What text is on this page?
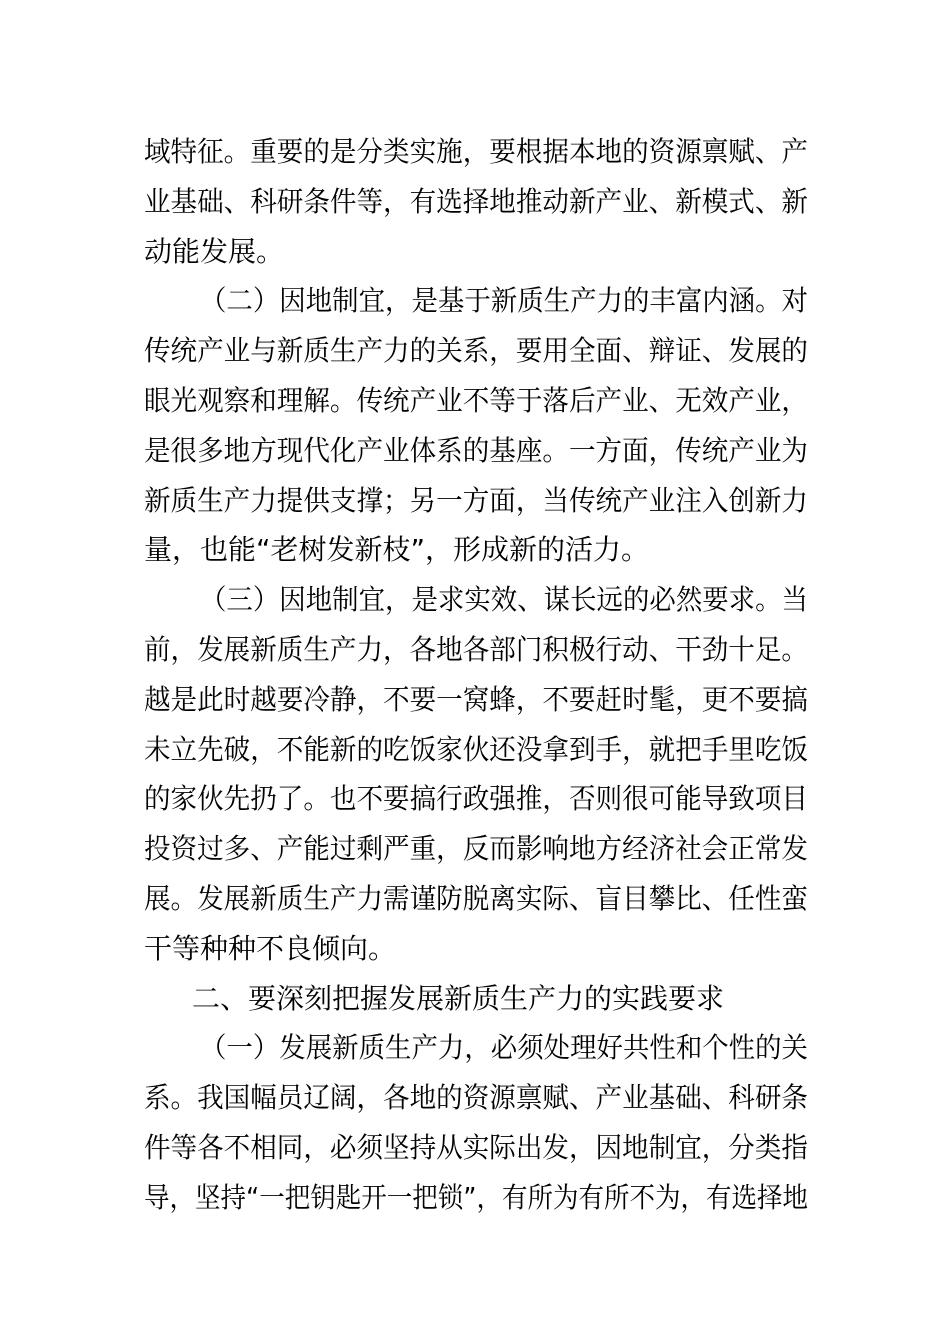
域特征。重要的是分类实施，要根据本地的资源禀赋、产
业基础、科研条件等，有选择地推动新产业、新模式、新
动能发展。
（二）因地制宜，是基于新质生产力的丰富内涵。对
传统产业与新质生产力的关系，要用全面、辩证、发展的
眼光观察和理解。传统产业不等于落后产业、无效产业，
是很多地方现代化产业体系的基座。一方面，传统产业为
新质生产力提供支撑；另一方面，当传统产业注入创新力
量，也能“老树发新枝”，形成新的活力。
（三）因地制宜，是求实效、谋长远的必然要求。当
前，发展新质生产力，各地各部门积极行动、干劲十足。
越是此时越要冷静，不要一窝蜂，不要赶时髦，更不要搞
未立先破，不能新的吃饭家伙还没拿到手，就把手里吃饭
的家伙先扔了。也不要搞行政强推，否则很可能导致项目
投资过多、产能过剩严重，反而影响地方经济社会正常发
展。发展新质生产力需谨防脱离实际、盲目攀比、任性蛮
干等种种不良倾向。
二、要深刻把握发展新质生产力的实践要求
（一）发展新质生产力，必须处理好共性和个性的关
系。我国幅员辽阔，各地的资源禀赋、产业基础、科研条
件等各不相同，必须坚持从实际出发，因地制宜，分类指
导，坚持“一把钥匙开一把锁”，有所为有所不为，有选择地
